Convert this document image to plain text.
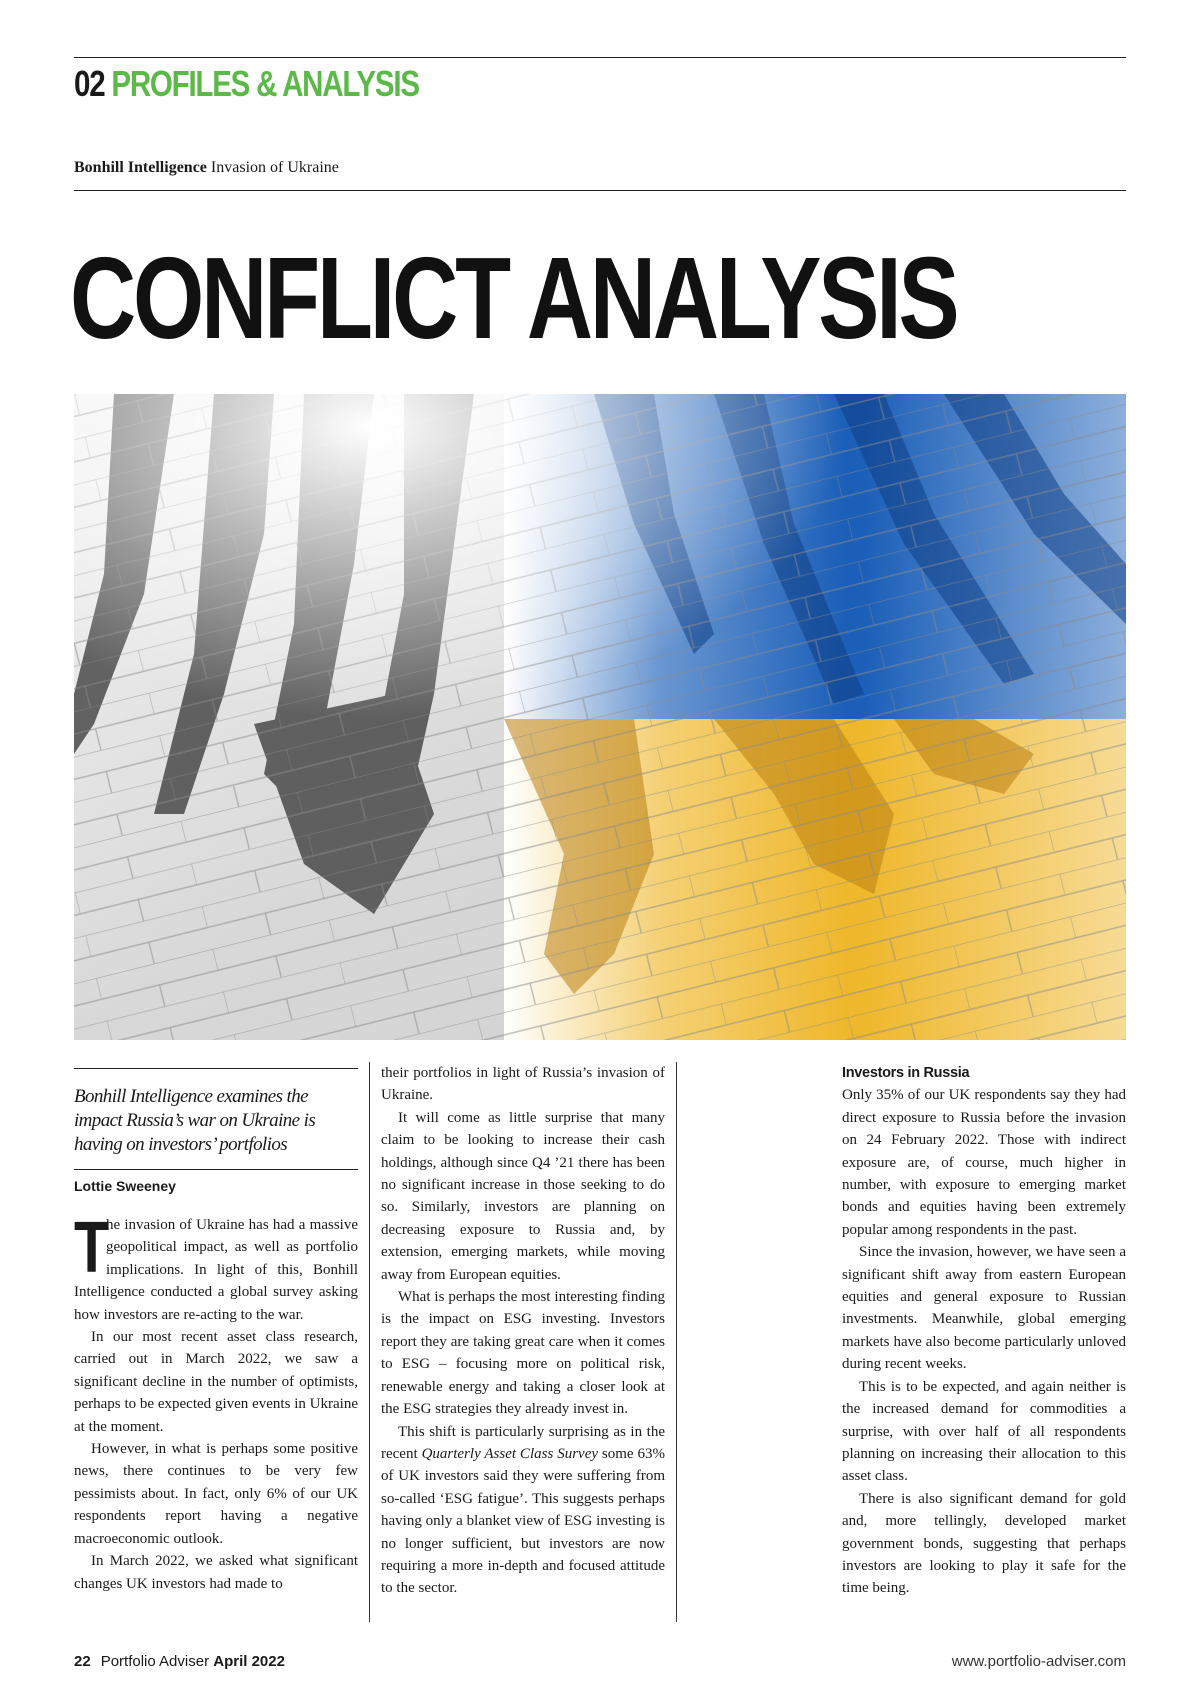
02 PROFILES & ANALYSIS
Bonhill Intelligence Invasion of Ukraine
CONFLICT ANALYSIS
Bonhill Intelligence examines the impact Russia’s war on Ukraine is having on investors’ portfolios
Lottie Sweeney

T
he invasion of Ukraine has had a massive geopolitical impact, as well as portfolio implications. In light of this, Bonhill Intelligence conducted a global survey asking how investors are re-acting to the war.

In our most recent asset class research, carried out in March 2022, we saw a significant decline in the number of optimists, perhaps to be expected given events in Ukraine at the moment.

However, in what is perhaps some positive news, there continues to be very few pessimists about. In fact, only 6% of our UK respondents report having a negative macroeconomic outlook.

In March 2022, we asked what significant changes UK investors had made to

their portfolios in light of Russia’s invasion of Ukraine.

It will come as little surprise that many claim to be looking to increase their cash holdings, although since Q4 ’21 there has been no significant increase in those seeking to do so. Similarly, investors are planning on decreasing exposure to Russia and, by extension, emerging markets, while moving away from European equities.

What is perhaps the most interesting finding is the impact on ESG investing. Investors report they are taking great care when it comes to ESG – focusing more on political risk, renewable energy and taking a closer look at the ESG strategies they already invest in.

This shift is particularly surprising as in the recent Quarterly Asset Class Survey some 63% of UK investors said they were suffering from so-called ‘ESG fatigue’. This suggests perhaps having only a blanket view of ESG investing is no longer sufficient, but investors are now requiring a more in-depth and focused attitude to the sector.

Investors in Russia

Only 35% of our UK respondents say they had direct exposure to Russia before the invasion on 24 February 2022. Those with indirect exposure are, of course, much higher in number, with exposure to emerging market bonds and equities having been extremely popular among respondents in the past.

Since the invasion, however, we have seen a significant shift away from eastern European equities and general exposure to Russian investments. Meanwhile, global emerging markets have also become particularly unloved during recent weeks.

This is to be expected, and again neither is the increased demand for commodities a surprise, with over half of all respondents planning on increasing their allocation to this asset class.

There is also significant demand for gold and, more tellingly, developed market government bonds, suggesting that perhaps investors are looking to play it safe for the time being.

22 Portfolio Adviser April 2022	www.portfolio-adviser.com
